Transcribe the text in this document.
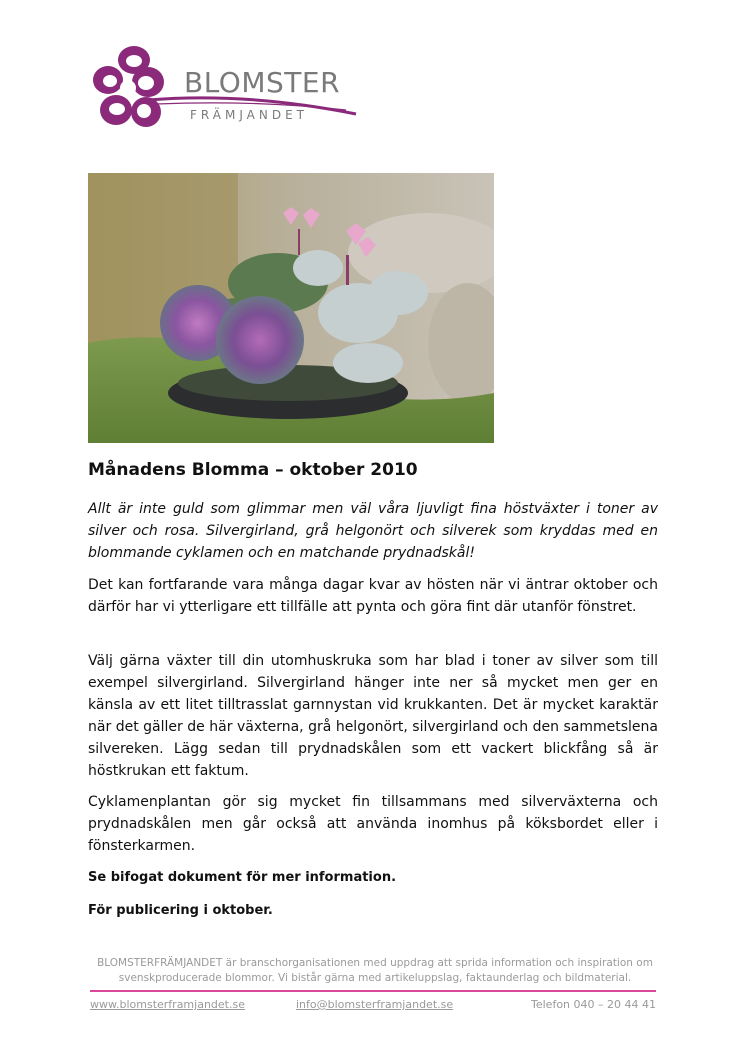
BLOMSTER
FRÄMJANDET
Månadens Blomma – oktober 2010
Allt är inte guld som glimmar men väl våra ljuvligt fina höstväxter i toner av silver och rosa. Silvergirland, grå helgonört och silverek som kryddas med en blommande cyklamen och en matchande prydnadskål!
Det kan fortfarande vara många dagar kvar av hösten när vi äntrar oktober och därför har vi ytterligare ett tillfälle att pynta och göra fint där utanför fönstret.
Välj gärna växter till din utomhuskruka som har blad i toner av silver som till exempel silvergirland. Silvergirland hänger inte ner så mycket men ger en känsla av ett litet tilltrasslat garnnystan vid krukkanten. Det är mycket karaktär när det gäller de här växterna, grå helgonört, silvergirland och den sammetslena silvereken. Lägg sedan till prydnadskålen som ett vackert blickfång så är höstkrukan ett faktum.
Cyklamenplantan gör sig mycket fin tillsammans med silverväxterna och prydnadskålen men går också att använda inomhus på köksbordet eller i fönsterkarmen.
Se bifogat dokument för mer information.
För publicering i oktober.
BLOMSTERFRÄMJANDET är branschorganisationen med uppdrag att sprida information och inspiration om svenskproducerade blommor. Vi bistår gärna med artikeluppslag, faktaunderlag och bildmaterial.
www.blomsterframjandet.se	info@blomsterframjandet.se	Telefon 040 – 20 44 41
